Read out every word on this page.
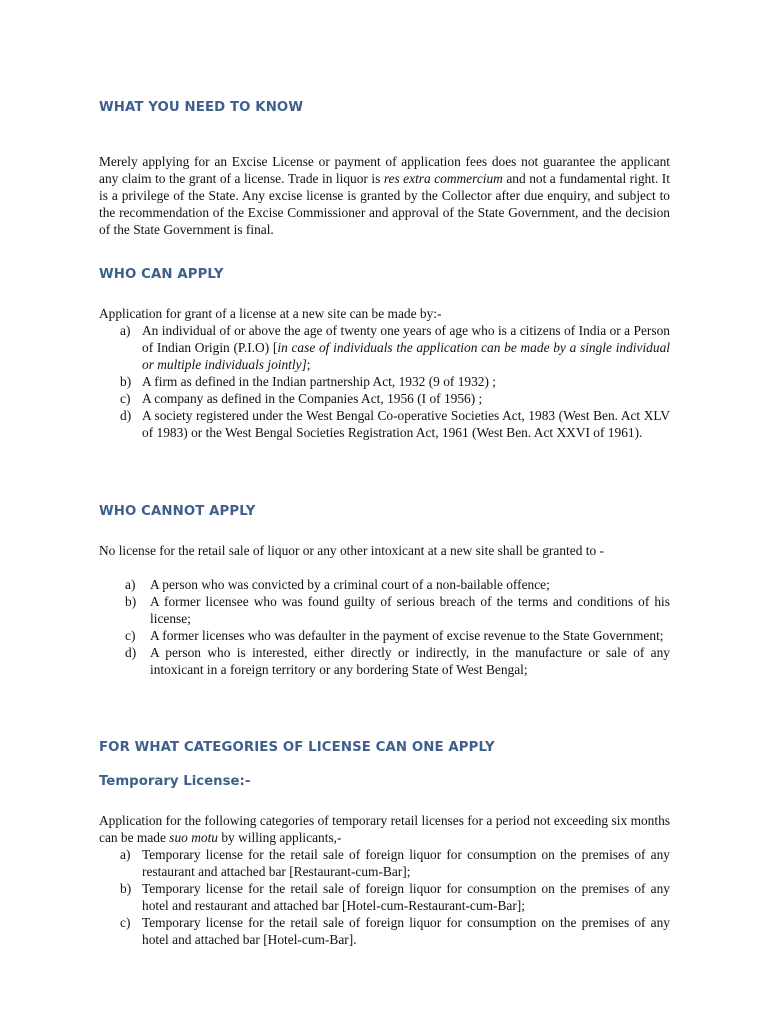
WHAT YOU NEED TO KNOW

Merely applying for an Excise License or payment of application fees does not guarantee the applicant any claim to the grant of a license. Trade in liquor is res extra commercium and not a fundamental right. It is a privilege of the State. Any excise license is granted by the Collector after due enquiry, and subject to the recommendation of the Excise Commissioner and approval of the State Government, and the decision of the State Government is final.

WHO CAN APPLY

Application for grant of a license at a new site can be made by:-

a) An individual of or above the age of twenty one years of age who is a citizens of India or a Person of Indian Origin (P.I.O) [in case of individuals the application can be made by a single individual or multiple individuals jointly];
b) A firm as defined in the Indian partnership Act, 1932 (9 of 1932) ;
c) A company as defined in the Companies Act, 1956 (I of 1956) ;
d) A society registered under the West Bengal Co-operative Societies Act, 1983 (West Ben. Act XLV of 1983) or the West Bengal Societies Registration Act, 1961 (West Ben. Act XXVI of 1961).
WHO CANNOT APPLY

No license for the retail sale of liquor or any other intoxicant at a new site shall be granted to -

a) A person who was convicted by a criminal court of a non-bailable offence;
b) A former licensee who was found guilty of serious breach of the terms and conditions of his license;
c) A former licenses who was defaulter in the payment of excise revenue to the State Government;
d) A person who is interested, either directly or indirectly, in the manufacture or sale of any intoxicant in a foreign territory or any bordering State of West Bengal;
FOR WHAT CATEGORIES OF LICENSE CAN ONE APPLY
Temporary License:-

Application for the following categories of temporary retail licenses for a period not exceeding six months can be made suo motu by willing applicants,-

a) Temporary license for the retail sale of foreign liquor for consumption on the premises of any restaurant and attached bar [Restaurant-cum-Bar];
b) Temporary license for the retail sale of foreign liquor for consumption on the premises of any hotel and restaurant and attached bar [Hotel-cum-Restaurant-cum-Bar];
c) Temporary license for the retail sale of foreign liquor for consumption on the premises of any hotel and attached bar [Hotel-cum-Bar].
